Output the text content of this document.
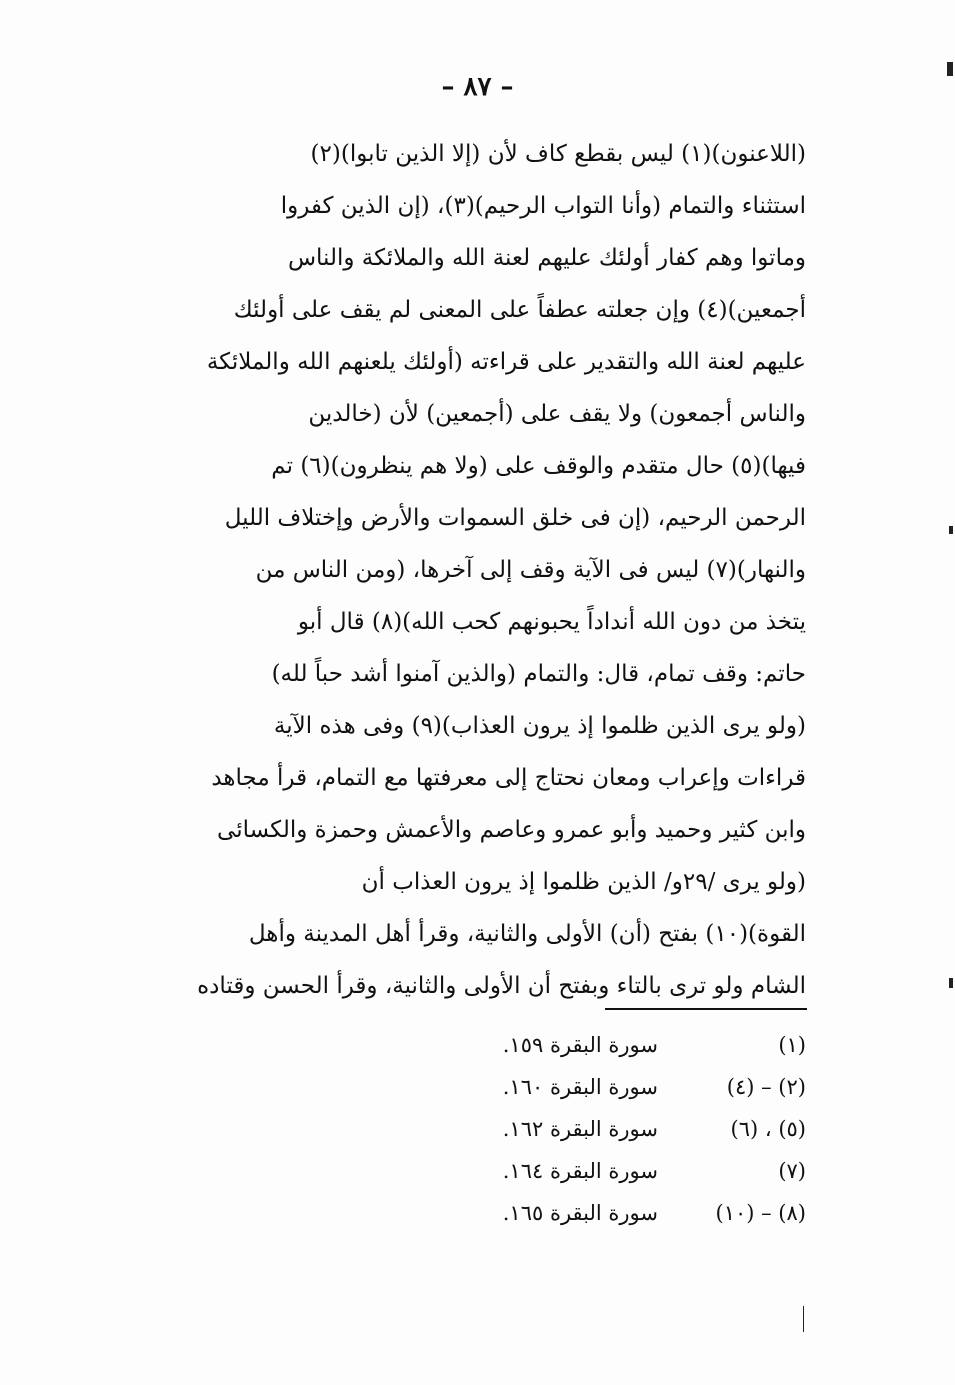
– ٨٧ –
(اللاعنون)(١) ليس بقطع كاف لأن (إلا الذين تابوا)(٢)
استثناء والتمام (وأنا التواب الرحيم)(٣)، (إن الذين كفروا
وماتوا وهم كفار أولئك عليهم لعنة الله والملائكة والناس
أجمعين)(٤) وإن جعلته عطفاً على المعنى لم يقف على أولئك
عليهم لعنة الله والتقدير على قراءته (أولئك يلعنهم الله والملائكة
والناس أجمعون) ولا يقف على (أجمعين) لأن (خالدين
فيها)(٥) حال متقدم والوقف على (ولا هم ينظرون)(٦) تم
الرحمن الرحيم، (إن فى خلق السموات والأرض وإختلاف الليل
والنهار)(٧) ليس فى الآية وقف إلى آخرها، (ومن الناس من
يتخذ من دون الله أنداداً يحبونهم كحب الله)(٨) قال أبو
حاتم: وقف تمام، قال: والتمام (والذين آمنوا أشد حباً لله)
(ولو يرى الذين ظلموا إذ يرون العذاب)(٩) وفى هذه الآية
قراءات وإعراب ومعان نحتاج إلى معرفتها مع التمام، قرأ مجاهد
وابن كثير وحميد وأبو عمرو وعاصم والأعمش وحمزة والكسائى
(ولو يرى /٢٩و/ الذين ظلموا إذ يرون العذاب أن
القوة)(١٠) بفتح (أن) الأولى والثانية، وقرأ أهل المدينة وأهل
الشام ولو ترى بالتاء وبفتح أن الأولى والثانية، وقرأ الحسن وقتاده
(١)
سورة البقرة ١٥٩.
(٢) – (٤)
سورة البقرة ١٦٠.
(٥) ، (٦)
سورة البقرة ١٦٢.
(٧)
سورة البقرة ١٦٤.
(٨) – (١٠)
سورة البقرة ١٦٥.
